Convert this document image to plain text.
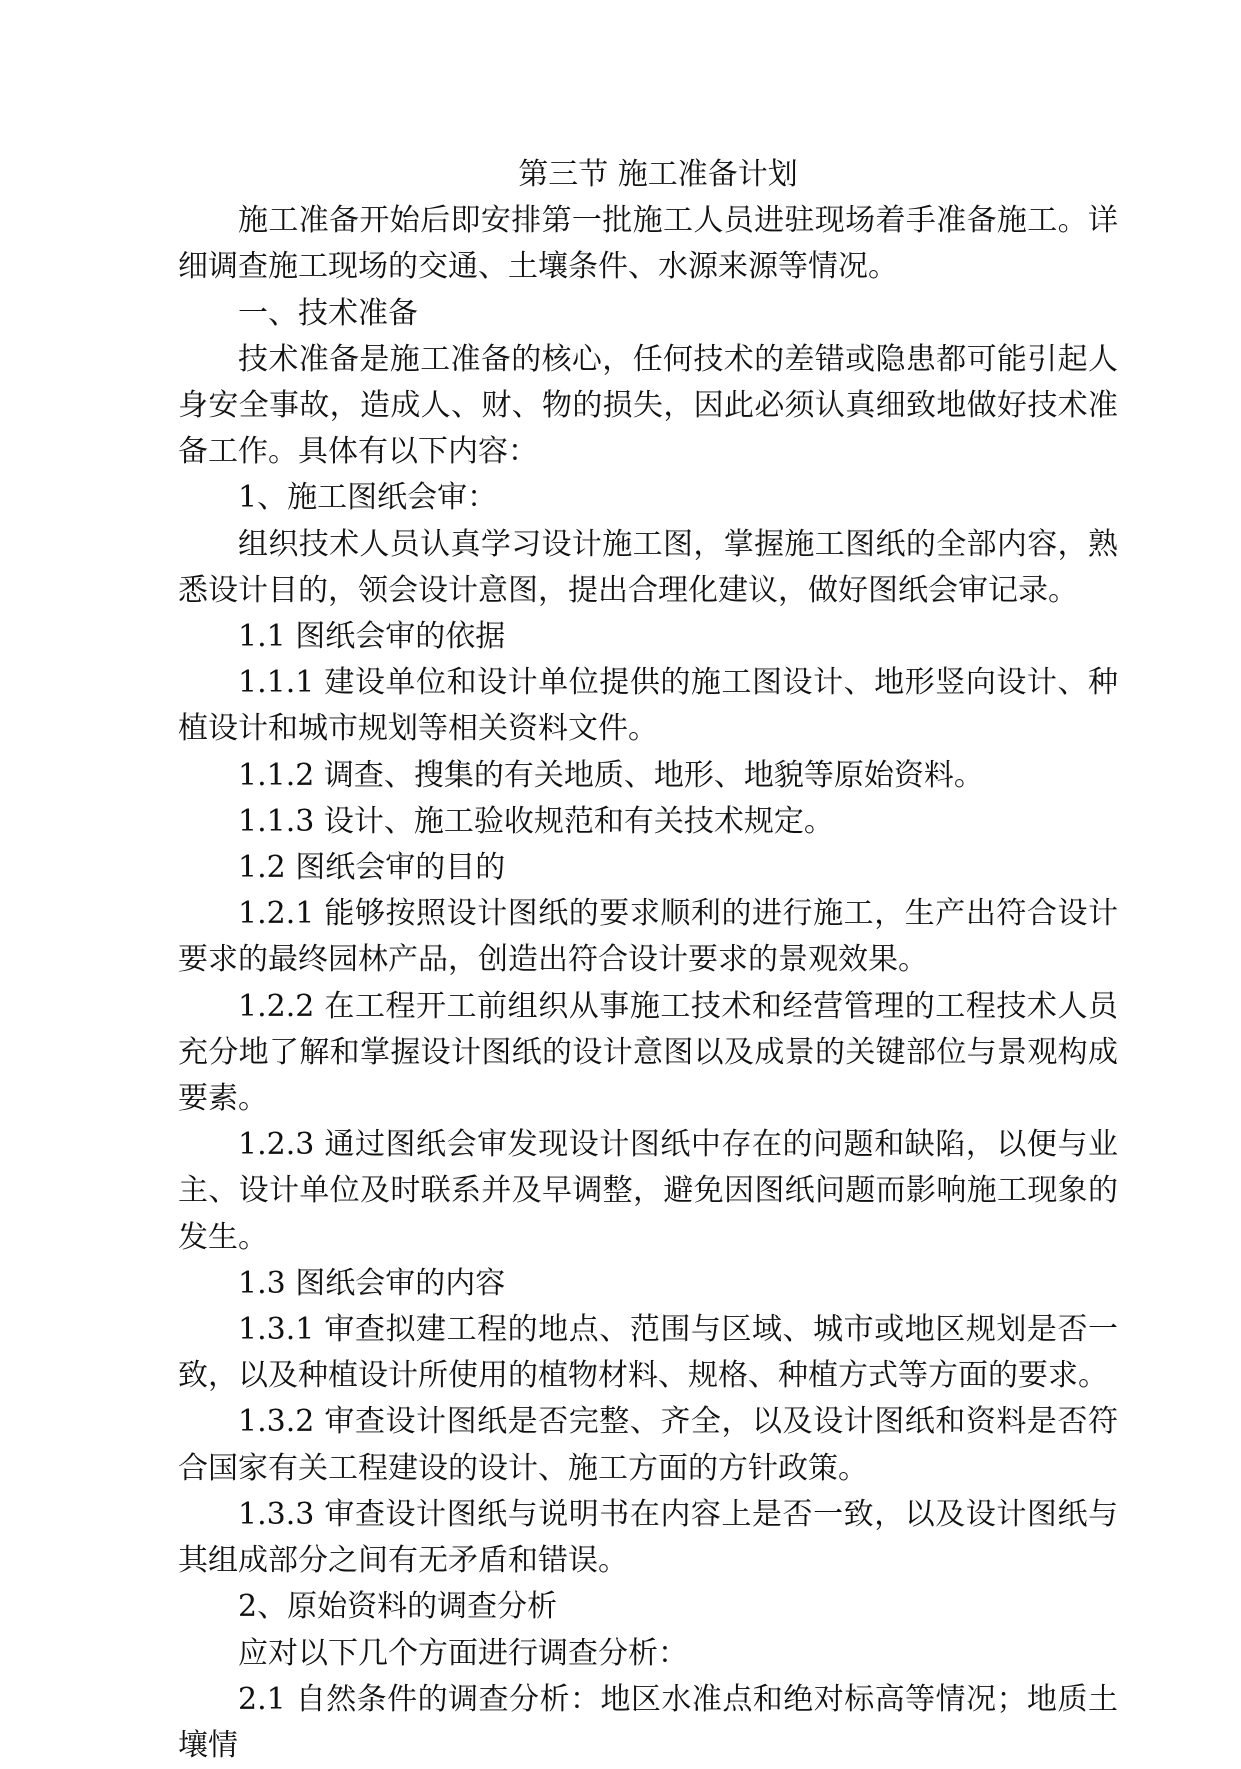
第三节 施工准备计划

施工准备开始后即安排第一批施工人员进驻现场着手准备施工。详细调查施工现场的交通、土壤条件、水源来源等情况。

一、技术准备

技术准备是施工准备的核心，任何技术的差错或隐患都可能引起人身安全事故，造成人、财、物的损失，因此必须认真细致地做好技术准备工作。具体有以下内容：

1、施工图纸会审：

组织技术人员认真学习设计施工图，掌握施工图纸的全部内容，熟悉设计目的，领会设计意图，提出合理化建议，做好图纸会审记录。

1.1 图纸会审的依据

1.1.1 建设单位和设计单位提供的施工图设计、地形竖向设计、种植设计和城市规划等相关资料文件。

1.1.2 调查、搜集的有关地质、地形、地貌等原始资料。

1.1.3 设计、施工验收规范和有关技术规定。

1.2 图纸会审的目的

1.2.1 能够按照设计图纸的要求顺利的进行施工，生产出符合设计要求的最终园林产品，创造出符合设计要求的景观效果。

1.2.2 在工程开工前组织从事施工技术和经营管理的工程技术人员充分地了解和掌握设计图纸的设计意图以及成景的关键部位与景观构成要素。

1.2.3 通过图纸会审发现设计图纸中存在的问题和缺陷，以便与业主、设计单位及时联系并及早调整，避免因图纸问题而影响施工现象的发生。

1.3 图纸会审的内容

1.3.1 审查拟建工程的地点、范围与区域、城市或地区规划是否一致，以及种植设计所使用的植物材料、规格、种植方式等方面的要求。

1.3.2 审查设计图纸是否完整、齐全，以及设计图纸和资料是否符合国家有关工程建设的设计、施工方面的方针政策。

1.3.3 审查设计图纸与说明书在内容上是否一致，以及设计图纸与其组成部分之间有无矛盾和错误。

2、原始资料的调查分析

应对以下几个方面进行调查分析：

2.1 自然条件的调查分析：地区水准点和绝对标高等情况；地质土壤情
